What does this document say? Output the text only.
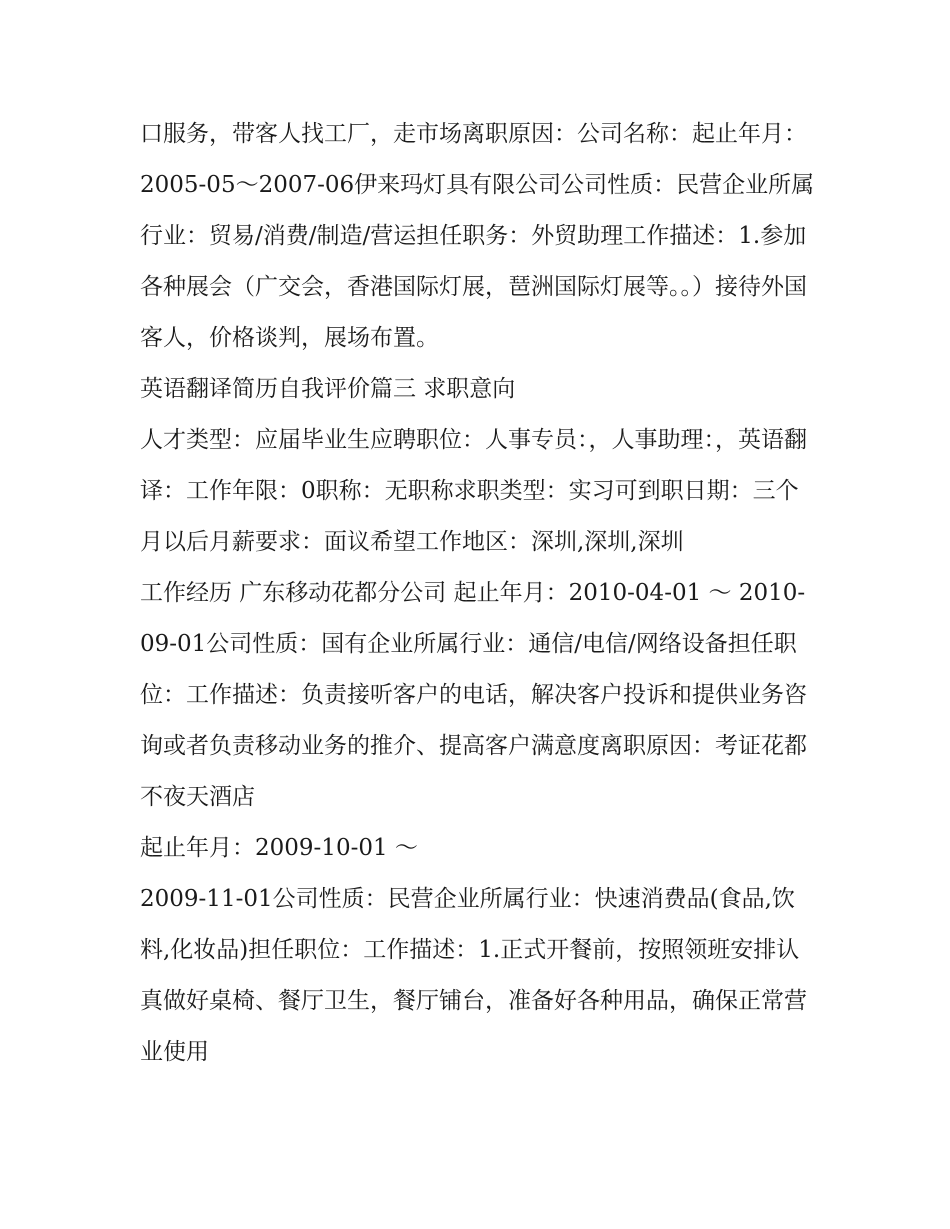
口服务，带客人找工厂，走市场离职原因：公司名称：起止年月：2005-05～2007-06伊来玛灯具有限公司公司性质：民营企业所属行业：贸易/消费/制造/营运担任职务：外贸助理工作描述：1.参加各种展会（广交会，香港国际灯展，琶洲国际灯展等。。）接待外国客人，价格谈判，展场布置。

英语翻译简历自我评价篇三 求职意向

人才类型：应届毕业生应聘职位：人事专员：，人事助理：，英语翻译：工作年限：0职称：无职称求职类型：实习可到职日期：三个月以后月薪要求：面议希望工作地区：深圳,深圳,深圳

工作经历 广东移动花都分公司 起止年月：2010-04-01 ～ 2010-09-01公司性质：国有企业所属行业：通信/电信/网络设备担任职位：工作描述：负责接听客户的电话，解决客户投诉和提供业务咨询或者负责移动业务的推介、提高客户满意度离职原因：考证花都不夜天酒店

起止年月：2009-10-01 ～

2009-11-01公司性质：民营企业所属行业：快速消费品(食品,饮料,化妆品)担任职位：工作描述：1.正式开餐前，按照领班安排认真做好桌椅、餐厅卫生，餐厅铺台，准备好各种用品，确保正常营业使用
